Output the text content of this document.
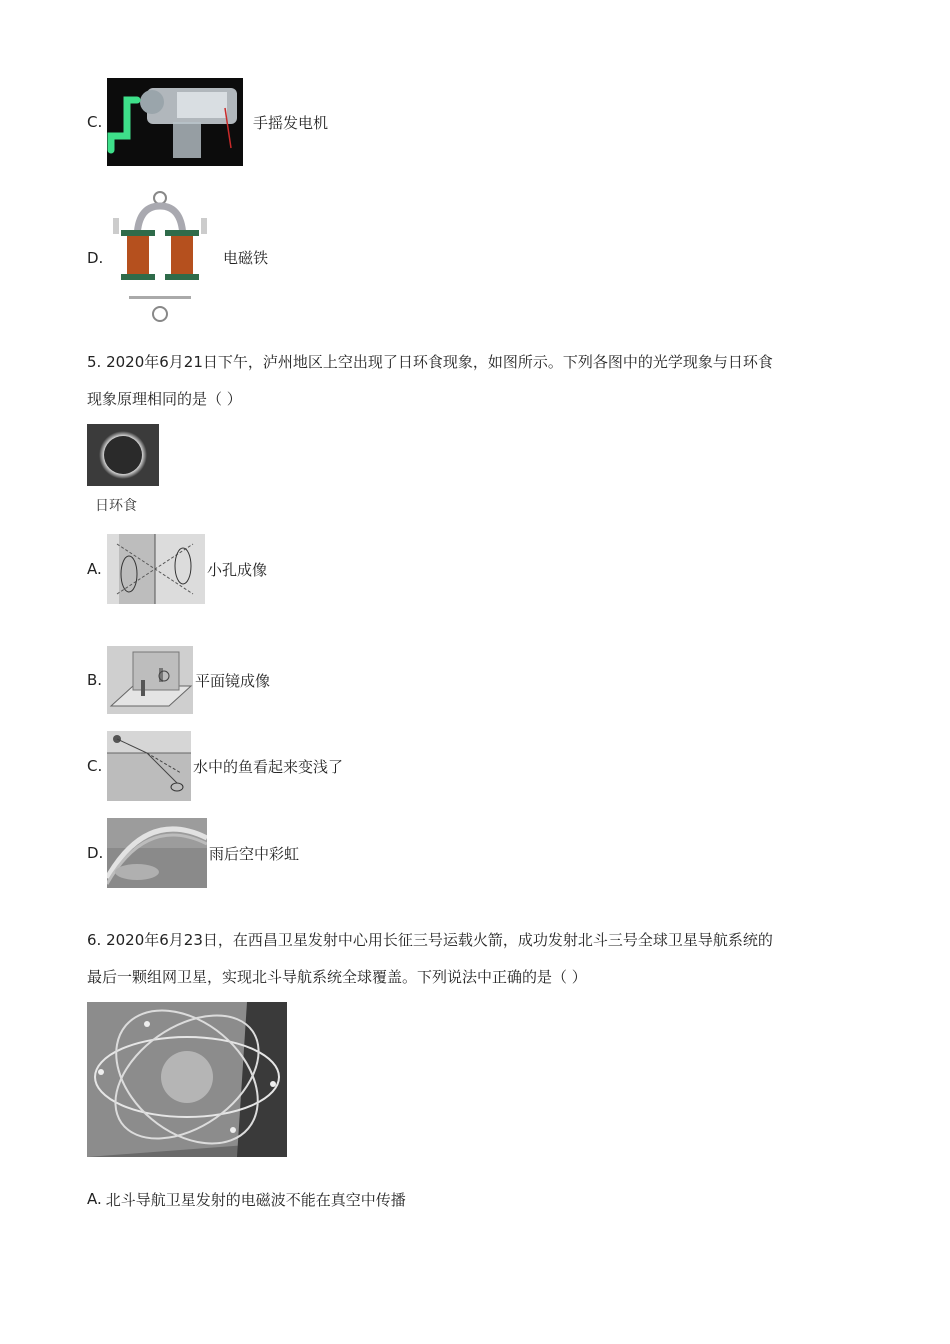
C.	手摇发电机
D.	电磁铁

5. 2020年6月21日下午，泸州地区上空出现了日环食现象，如图所示。下列各图中的光学现象与日环食

现象原理相同的是（ ）

日环食
A.	小孔成像
B.	平面镜成像
C.	水中的鱼看起来变浅了
D.	雨后空中彩虹

6. 2020年6月23日，在西昌卫星发射中心用长征三号运载火箭，成功发射北斗三号全球卫星导航系统的

最后一颗组网卫星，实现北斗导航系统全球覆盖。下列说法中正确的是（ ）

A. 北斗导航卫星发射的电磁波不能在真空中传播
